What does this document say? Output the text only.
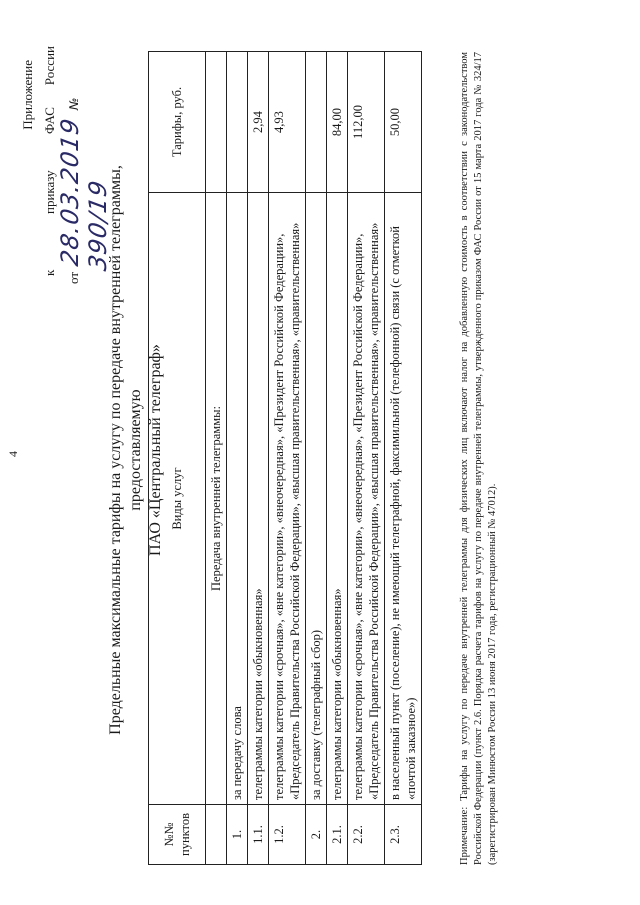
4
Приложение
к
приказу
ФАС
России
от
28.03.2019 № 390/19
Предельные максимальные тарифы на услугу по передаче внутренней телеграммы, предоставляемую ПАО «Центральный телеграф»
№№ пунктов	Виды услуг	Тарифы, руб.
	Передача внутренней телеграммы:	
1.	за передачу слова	
1.1.	телеграммы категории «обыкновенная»	2,94
1.2.	телеграммы категории «срочная», «вне категории», «внеочередная», «Президент Российской Федерации», «Председатель Правительства Российской Федерации», «высшая правительственная», «правительственная»	4,93
2.	за доставку (телеграфный сбор)	
2.1.	телеграммы категории «обыкновенная»	84,00
2.2.	телеграммы категории «срочная», «вне категории», «внеочередная», «Президент Российской Федерации», «Председатель Правительства Российской Федерации», «высшая правительственная», «правительственная»	112,00
2.3.	в населенный пункт (поселение), не имеющий телеграфной, факсимильной (телефонной) связи (с отметкой «почтой заказное»)	50,00
Примечание:Тарифы на услугу по передаче внутренней телеграммы для физических лиц включают налог на добавленную стоимость в соответствии с законодательством Российской Федерации (пункт 2.6. Порядка расчета тарифов на услугу по передаче внутренней телеграммы, утвержденного приказом ФАС России от 15 марта 2017 года № 324/17 (зарегистрирован Минюстом России 13 июня 2017 года, регистрационный № 47012).
